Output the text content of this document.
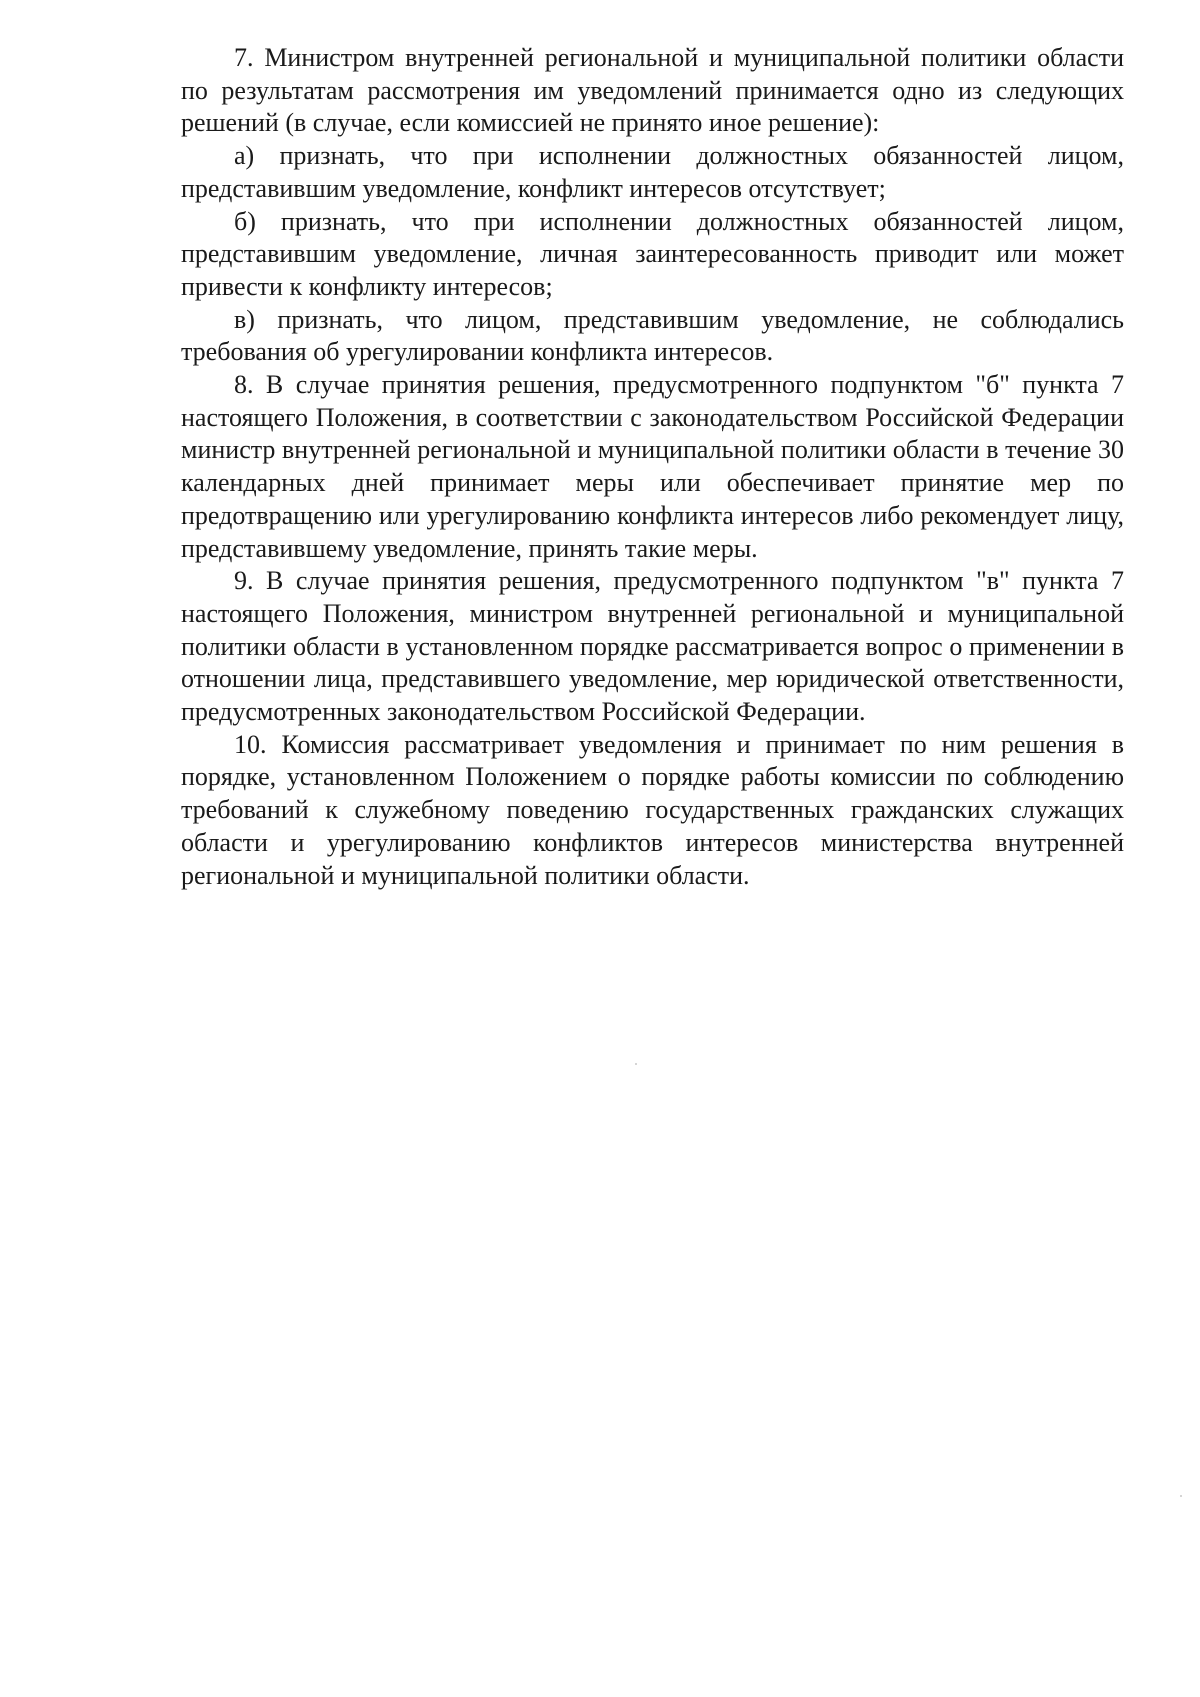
7. Министром внутренней региональной и муниципальной политики области по результатам рассмотрения им уведомлений принимается одно из следующих решений (в случае, если комиссией не принято иное решение):

а) признать, что при исполнении должностных обязанностей лицом, представившим уведомление, конфликт интересов отсутствует;

б) признать, что при исполнении должностных обязанностей лицом, представившим уведомление, личная заинтересованность приводит или может привести к конфликту интересов;

в) признать, что лицом, представившим уведомление, не соблюдались требования об урегулировании конфликта интересов.

8. В случае принятия решения, предусмотренного подпунктом "б" пункта 7 настоящего Положения, в соответствии с законодательством Российской Федерации министр внутренней региональной и муниципальной политики области в течение 30 календарных дней принимает меры или обеспечивает принятие мер по предотвращению или урегулированию конфликта интересов либо рекомендует лицу, представившему уведомление, принять такие меры.

9. В случае принятия решения, предусмотренного подпунктом "в" пункта 7 настоящего Положения, министром внутренней региональной и муниципальной политики области в установленном порядке рассматривается вопрос о применении в отношении лица, представившего уведомление, мер юридической ответственности, предусмотренных законодательством Российской Федерации.

10. Комиссия рассматривает уведомления и принимает по ним решения в порядке, установленном Положением о порядке работы комиссии по соблюдению требований к служебному поведению государственных гражданских служащих области и урегулированию конфликтов интересов министерства внутренней региональной и муниципальной политики области.
